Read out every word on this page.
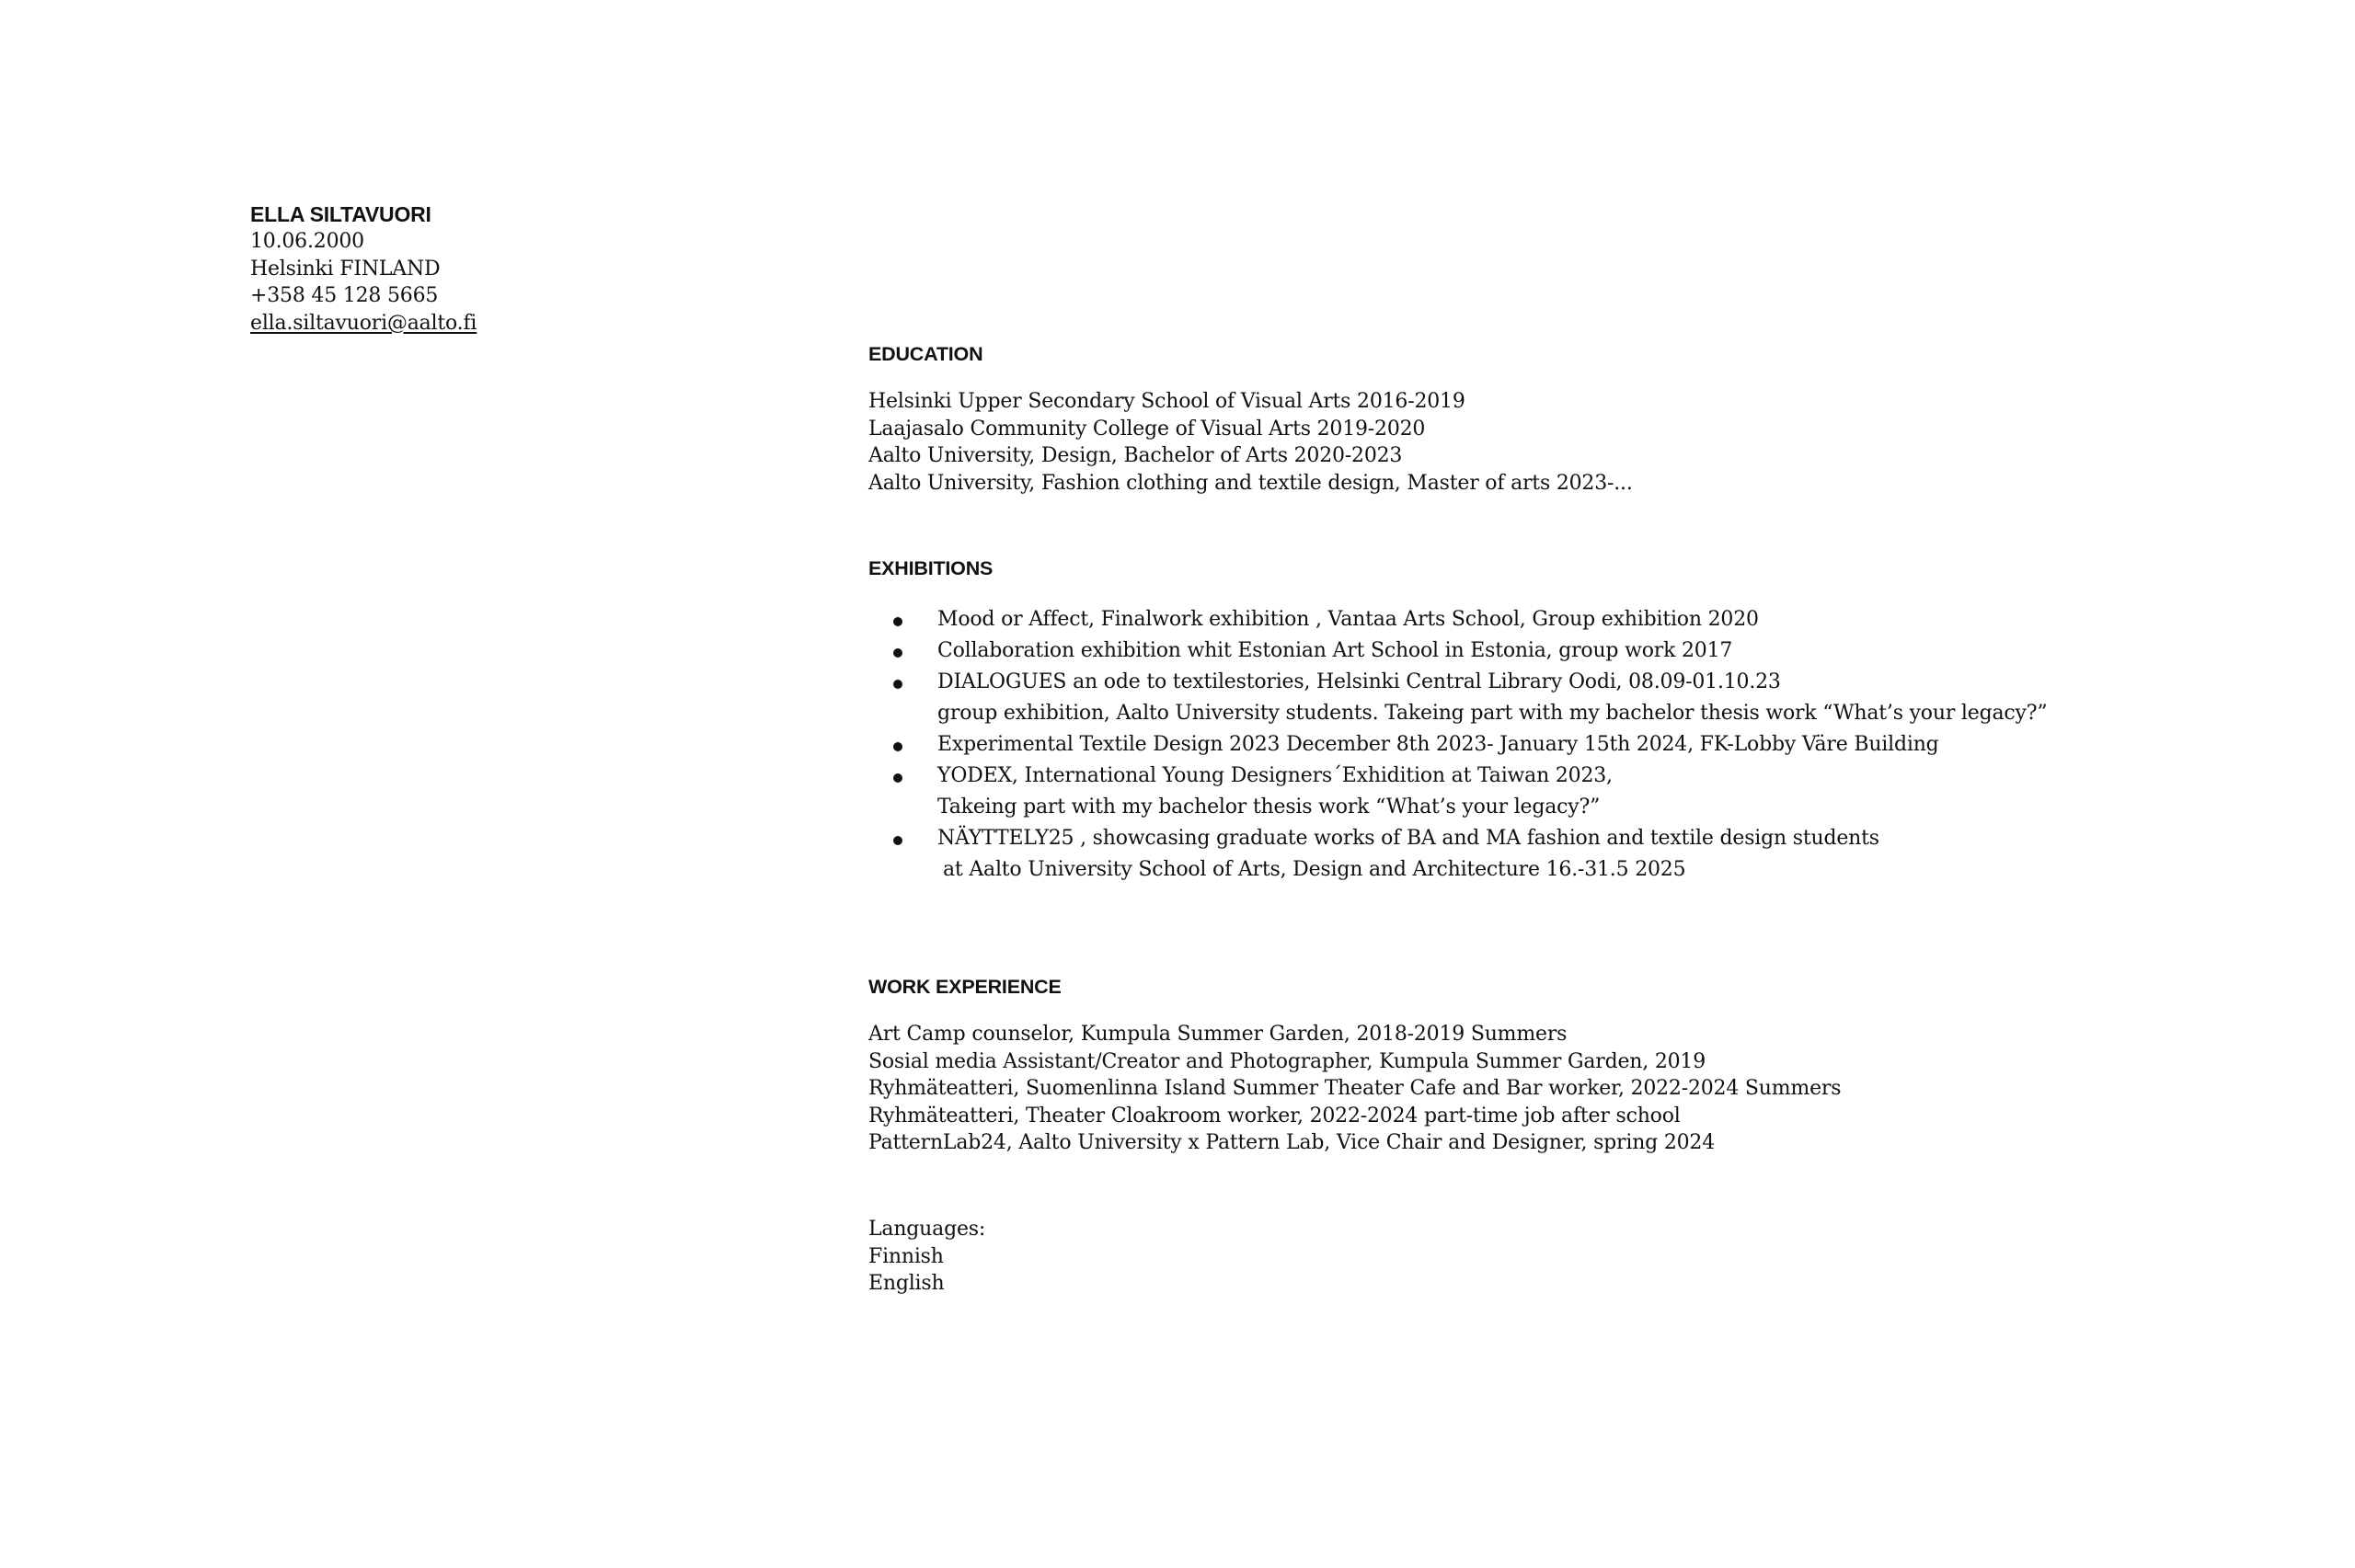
ELLA SILTAVUORI
10.06.2000
Helsinki FINLAND
+358 45 128 5665
ella.siltavuori@aalto.fi
EDUCATION
Helsinki Upper Secondary School of Visual Arts 2016-2019
Laajasalo Community College of Visual Arts 2019-2020
Aalto University, Design, Bachelor of Arts 2020-2023
Aalto University, Fashion clothing and textile design, Master of arts 2023-...
EXHIBITIONS
Mood or Affect, Finalwork exhibition , Vantaa Arts School, Group exhibition 2020
Collaboration exhibition whit Estonian Art School in Estonia, group work 2017
DIALOGUES an ode to textilestories, Helsinki Central Library Oodi, 08.09-01.10.23
group exhibition, Aalto University students. Takeing part with my bachelor thesis work “What’s your legacy?”
Experimental Textile Design 2023 December 8th 2023- January 15th 2024, FK-Lobby Väre Building
YODEX, International Young Designers´Exhidition at Taiwan 2023,
Takeing part with my bachelor thesis work “What’s your legacy?”
NÄYTTELY25 , showcasing graduate works of BA and MA fashion and textile design students
at Aalto University School of Arts, Design and Architecture 16.-31.5 2025
WORK EXPERIENCE
Art Camp counselor, Kumpula Summer Garden, 2018-2019 Summers
Sosial media Assistant/Creator and Photographer, Kumpula Summer Garden, 2019
Ryhmäteatteri, Suomenlinna Island Summer Theater Cafe and Bar worker, 2022-2024 Summers
Ryhmäteatteri, Theater Cloakroom worker, 2022-2024 part-time job after school
PatternLab24, Aalto University x Pattern Lab, Vice Chair and Designer, spring 2024
Languages:
Finnish
English
